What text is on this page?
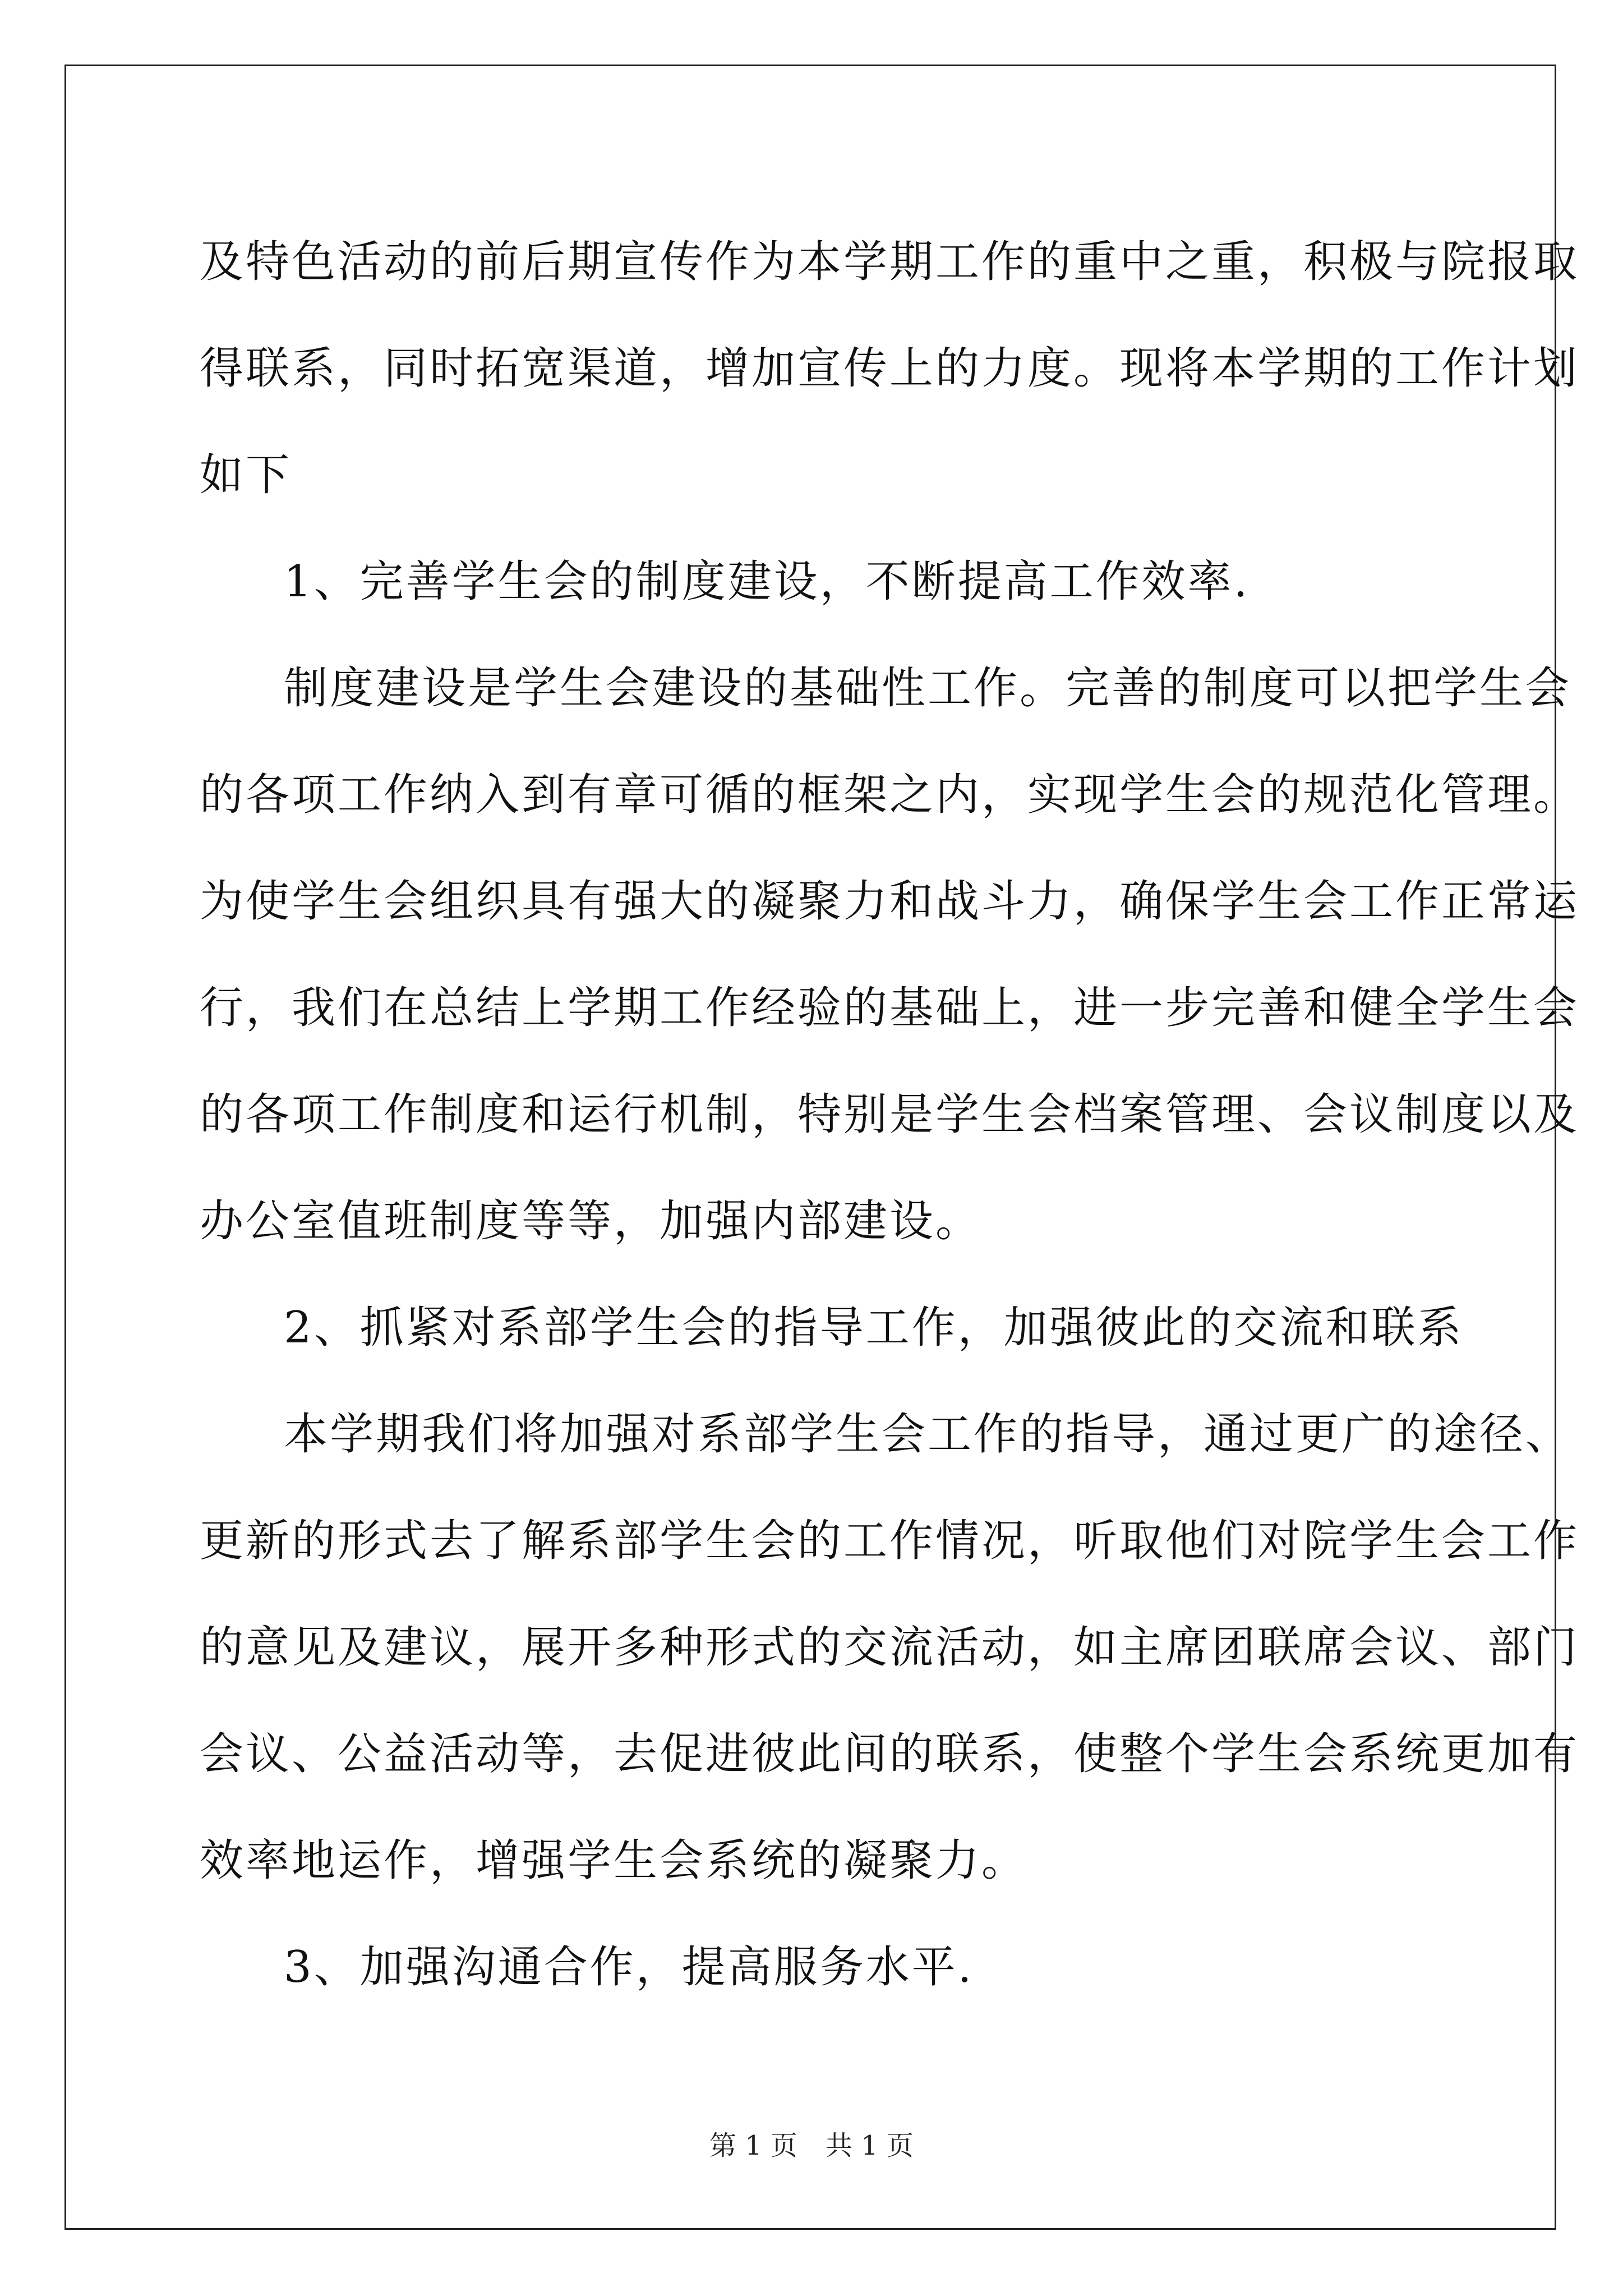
及特色活动的前后期宣传作为本学期工作的重中之重，积极与院报取
得联系，同时拓宽渠道，增加宣传上的力度。现将本学期的工作计划
如下
1、完善学生会的制度建设，不断提高工作效率.
制度建设是学生会建设的基础性工作。完善的制度可以把学生会
的各项工作纳入到有章可循的框架之内，实现学生会的规范化管理。
为使学生会组织具有强大的凝聚力和战斗力，确保学生会工作正常运
行，我们在总结上学期工作经验的基础上，进一步完善和健全学生会
的各项工作制度和运行机制，特别是学生会档案管理、会议制度以及
办公室值班制度等等，加强内部建设。
2、抓紧对系部学生会的指导工作，加强彼此的交流和联系
本学期我们将加强对系部学生会工作的指导，通过更广的途径、
更新的形式去了解系部学生会的工作情况，听取他们对院学生会工作
的意见及建议，展开多种形式的交流活动，如主席团联席会议、部门
会议、公益活动等，去促进彼此间的联系，使整个学生会系统更加有
效率地运作，增强学生会系统的凝聚力。
3、加强沟通合作，提高服务水平.
第 1 页 共 1 页
